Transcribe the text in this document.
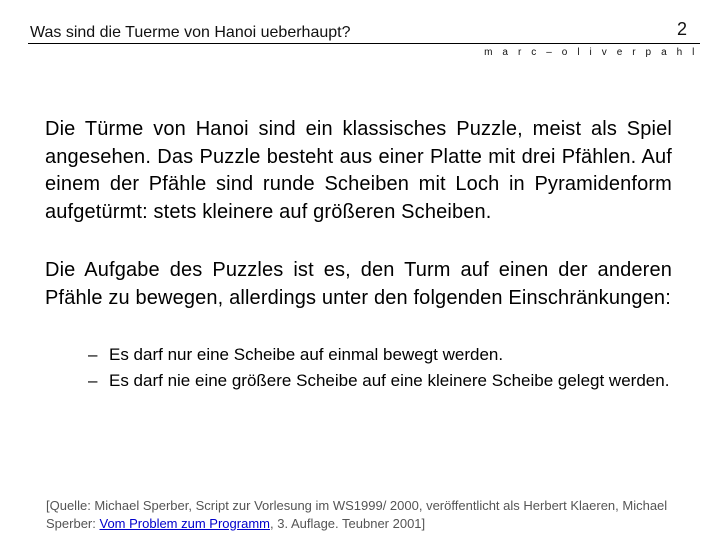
Was sind die Tuerme von Hanoi ueberhaupt?	2
m a r c – o l i v e r p a h l
Die Türme von Hanoi sind ein klassisches Puzzle, meist als Spiel angesehen. Das Puzzle besteht aus einer Platte mit drei Pfählen. Auf einem der Pfähle sind runde Scheiben mit Loch in Pyramidenform aufgetürmt: stets kleinere auf größeren Scheiben.
Die Aufgabe des Puzzles ist es, den Turm auf einen der anderen Pfähle zu bewegen, allerdings unter den folgenden Einschränkungen:
– Es darf nur eine Scheibe auf einmal bewegt werden.
– Es darf nie eine größere Scheibe auf eine kleinere Scheibe gelegt werden.
[Quelle: Michael Sperber, Script zur Vorlesung im WS1999/ 2000, veröffentlicht als Herbert Klaeren, Michael Sperber: Vom Problem zum Programm, 3. Auflage. Teubner 2001]
